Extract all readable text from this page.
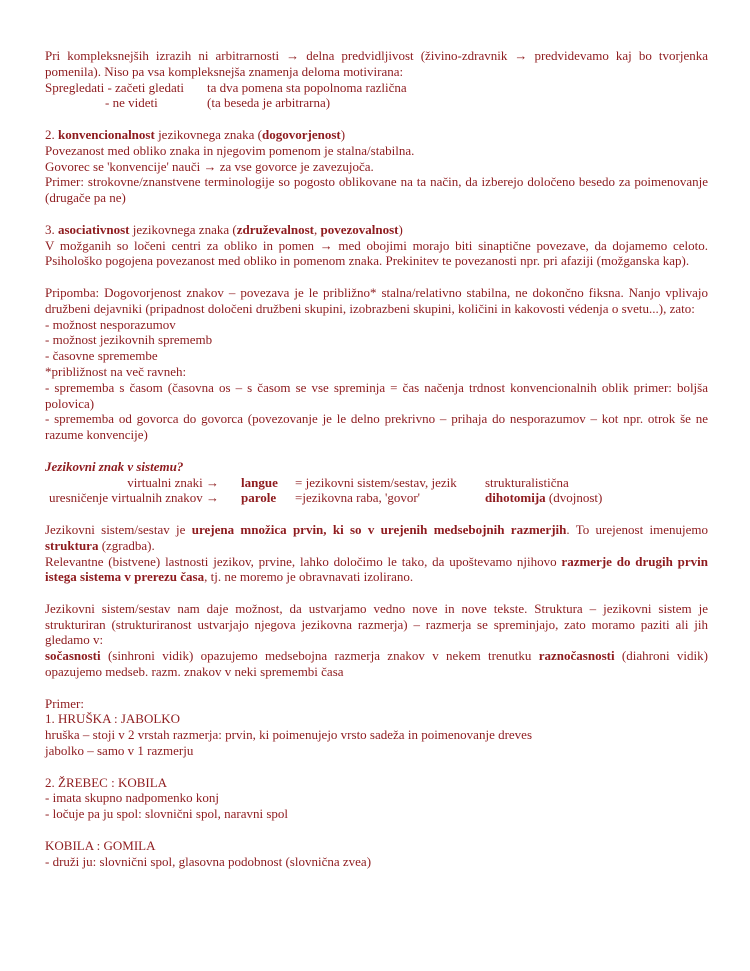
Pri kompleksnejših izrazih ni arbitrarnosti → delna predvidljivost (živino-zdravnik → predvidevamo kaj bo tvorjenka pomenila). Niso pa vsa kompleksnejša znamenja deloma motivirana:
Spregledati - začeti gledati	ta dva pomena sta popolnoma različna
- ne videti	(ta beseda je arbitrarna)
2. konvencionalnost jezikovnega znaka (dogovorjenost)
Povezanost med obliko znaka in njegovim pomenom je stalna/stabilna.
Govorec se 'konvencije' nauči → za vse govorce je zavezujoča.
Primer: strokovne/znanstvene terminologije so pogosto oblikovane na ta način, da izberejo določeno besedo za poimenovanje (drugače pa ne)
3. asociativnost jezikovnega znaka (združevalnost, povezovalnost)
V možganih so ločeni centri za obliko in pomen → med obojimi morajo biti sinaptične povezave, da dojamemo celoto. Psihološko pogojena povezanost med obliko in pomenom znaka. Prekinitev te povezanosti npr. pri afaziji (možganska kap).
Pripomba: Dogovorjenost znakov – povezava je le približno* stalna/relativno stabilna, ne dokončno fiksna. Nanjo vplivajo družbeni dejavniki (pripadnost določeni družbeni skupini, izobrazbeni skupini, količini in kakovosti védenja o svetu...), zato:
- možnost nesporazumov
- možnost jezikovnih sprememb
- časovne spremembe
*približnost na več ravneh:
- sprememba s časom (časovna os – s časom se vse spreminja = čas načenja trdnost konvencionalnih oblik primer: boljša polovica)
- sprememba od govorca do govorca (povezovanje je le delno prekrivno – prihaja do nesporazumov – kot npr. otrok še ne razume konvencije)
Jezikovni znak v sistemu?
virtualni znaki → langue	= jezikovni sistem/sestav, jezik	strukturalistična
uresničenje virtualnih znakov → parole	=jezikovna raba, 'govor'	dihotomija (dvojnost)
Jezikovni sistem/sestav je urejena množica prvin, ki so v urejenih medsebojnih razmerjih. To urejenost imenujemo struktura (zgradba).
Relevantne (bistvene) lastnosti jezikov, prvine, lahko določimo le tako, da upoštevamo njihovo razmerje do drugih prvin istega sistema v prerezu časa, tj. ne moremo je obravnavati izolirano.
Jezikovni sistem/sestav nam daje možnost, da ustvarjamo vedno nove in nove tekste. Struktura – jezikovni sistem je strukturiran (strukturiranost ustvarjajo njegova jezikovna razmerja) – razmerja se spreminjajo, zato moramo paziti ali jih gledamo v:
sočasnosti (sinhroni vidik) opazujemo medsebojna razmerja znakov v nekem trenutku raznočasnosti (diahroni vidik) opazujemo medseb. razm. znakov v neki spremembi časa
Primer:
1. HRUŠKA : JABOLKO
hruška – stoji v 2 vrstah razmerja: prvin, ki poimenujejo vrsto sadeža in poimenovanje dreves
jabolko – samo v 1 razmerju
2. ŽREBEC : KOBILA
- imata skupno nadpomenko konj
- ločuje pa ju spol: slovnični spol, naravni spol
KOBILA : GOMILA
- druži ju: slovnični spol, glasovna podobnost (slovnična zvea)
